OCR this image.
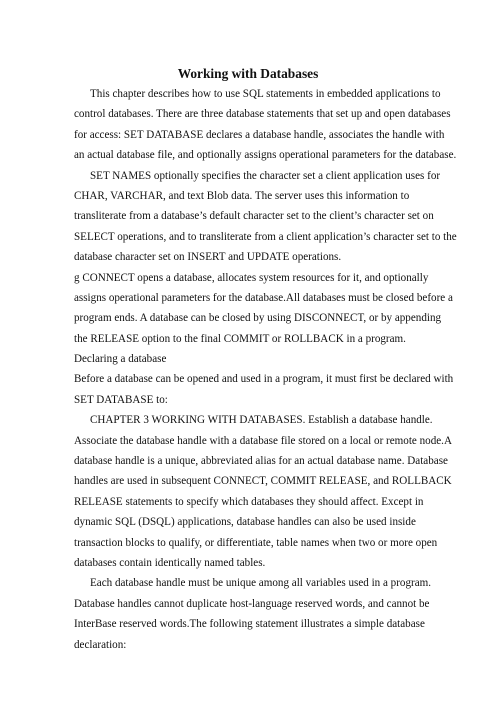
Working with Databases
This chapter describes how to use SQL statements in embedded applications to
control databases. There are three database statements that set up and open databases
for access: SET DATABASE declares a database handle, associates the handle with
an actual database file, and optionally assigns operational parameters for the database.
SET NAMES optionally specifies the character set a client application uses for
CHAR, VARCHAR, and text Blob data. The server uses this information to
transliterate from a database’s default character set to the client’s character set on
SELECT operations, and to transliterate from a client application’s character set to the
database character set on INSERT and UPDATE operations.
g CONNECT opens a database, allocates system resources for it, and optionally
assigns operational parameters for the database.All databases must be closed before a
program ends. A database can be closed by using DISCONNECT, or by appending
the RELEASE option to the final COMMIT or ROLLBACK in a program.
Declaring a database
Before a database can be opened and used in a program, it must first be declared with
SET DATABASE to:
CHAPTER 3 WORKING WITH DATABASES. Establish a database handle.
Associate the database handle with a database file stored on a local or remote node.A
database handle is a unique, abbreviated alias for an actual database name. Database
handles are used in subsequent CONNECT, COMMIT RELEASE, and ROLLBACK
RELEASE statements to specify which databases they should affect. Except in
dynamic SQL (DSQL) applications, database handles can also be used inside
transaction blocks to qualify, or differentiate, table names when two or more open
databases contain identically named tables.
Each database handle must be unique among all variables used in a program.
Database handles cannot duplicate host-language reserved words, and cannot be
InterBase reserved words.The following statement illustrates a simple database
declaration:
